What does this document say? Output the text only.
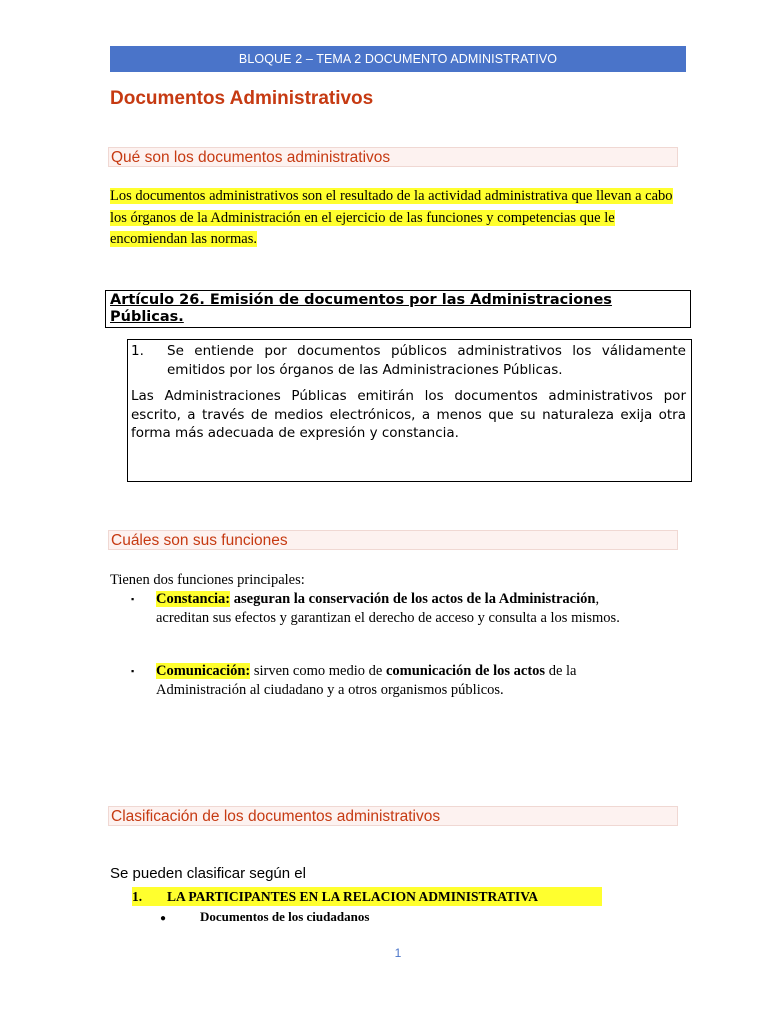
BLOQUE 2 – TEMA 2 DOCUMENTO ADMINISTRATIVO
Documentos Administrativos
Qué son los documentos administrativos
Los documentos administrativos son el resultado de la actividad administrativa que llevan a cabo los órganos de la Administración en el ejercicio de las funciones y competencias que le encomiendan las normas.
Artículo 26. Emisión de documentos por las Administraciones Públicas.
1.	Se entiende por documentos públicos administrativos los válidamente emitidos por los órganos de las Administraciones Públicas.
Las Administraciones Públicas emitirán los documentos administrativos por escrito, a través de medios electrónicos, a menos que su naturaleza exija otra forma más adecuada de expresión y constancia.
Cuáles son sus funciones
Tienen dos funciones principales:
▪ Constancia: aseguran la conservación de los actos de la Administración, acreditan sus efectos y garantizan el derecho de acceso y consulta a los mismos.
▪ Comunicación: sirven como medio de comunicación de los actos de la Administración al ciudadano y a otros organismos públicos.
Clasificación de los documentos administrativos
Se pueden clasificar según el
1. LA PARTICIPANTES EN LA RELACION ADMINISTRATIVA
●	Documentos de los ciudadanos
1
